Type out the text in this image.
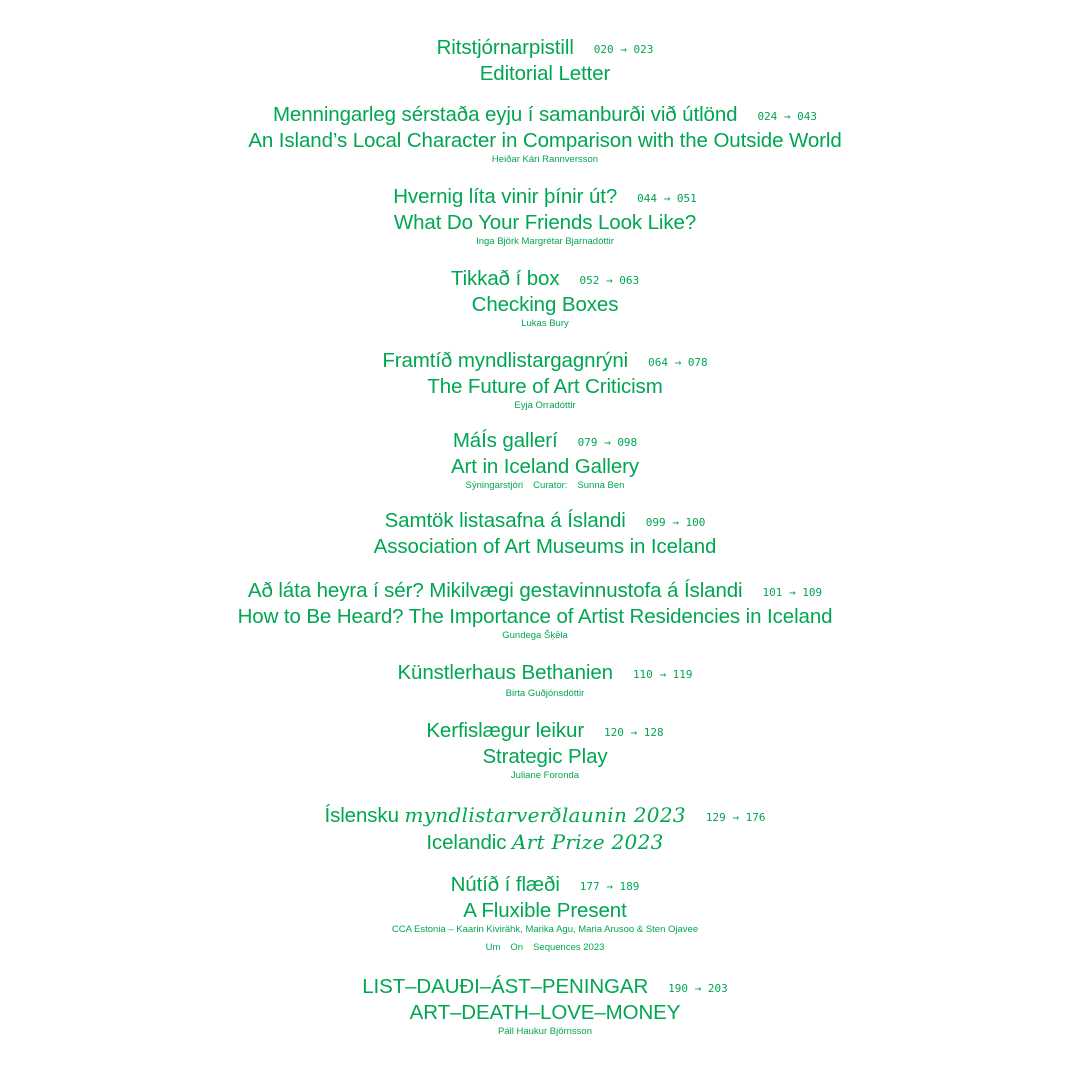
Ritstjórnarpistill 020 → 023
Editorial Letter
Menningarleg sérstaða eyju í samanburði við útlönd 024 → 043
An Island’s Local Character in Comparison with the Outside World
Heiðar Kári Rannversson
Hvernig líta vinir þínir út? 044 → 051
What Do Your Friends Look Like?
Inga Björk Margrétar Bjarnadóttir
Tikkað í box 052 → 063
Checking Boxes
Lukas Bury
Framtíð myndlistargagnrýni 064 → 078
The Future of Art Criticism
Eyja Orradóttir
MáÍs gallerí 079 → 098
Art in Iceland Gallery
Sýningarstjóri Curator: Sunna Ben
Samtök listasafna á Íslandi 099 → 100
Association of Art Museums in Iceland
Að láta heyra í sér? Mikilvægi gestavinnustofa á Íslandi 101 → 109
How to Be Heard? The Importance of Artist Residencies in Iceland
Gundega Šķēla
Künstlerhaus Bethanien 110 → 119
Birta Guðjónsdóttir
Kerfislægur leikur 120 → 128
Strategic Play
Juliane Foronda
Íslensku myndlistarverðlaunin 2023 129 → 176
Icelandic Art Prize 2023
Nútíð í flæði 177 → 189
A Fluxible Present
CCA Estonia – Kaarin Kivirähk, Marika Agu, Maria Arusoo & Sten Ojavee
Um On Sequences 2023
LIST–DAUÐI–ÁST–PENINGAR 190 → 203
ART–DEATH–LOVE–MONEY
Páll Haukur Björnsson
